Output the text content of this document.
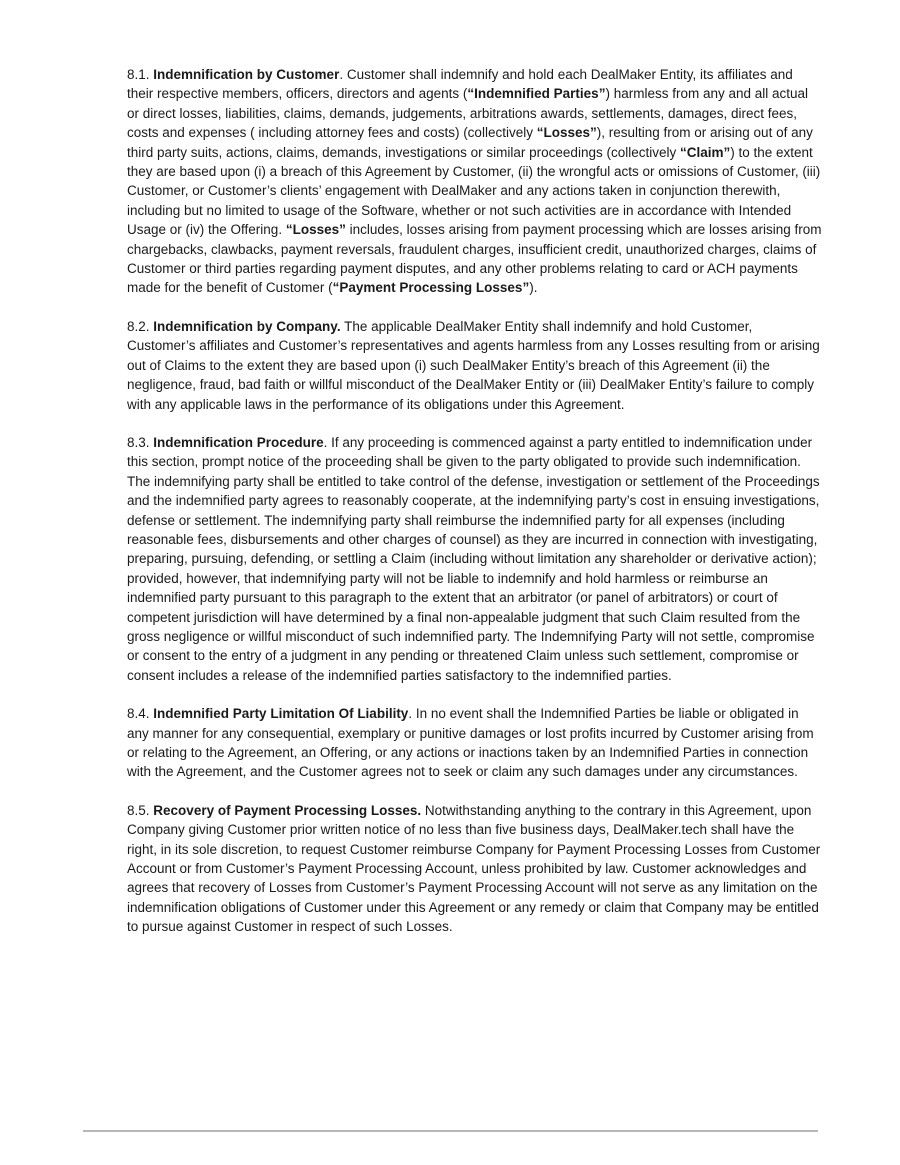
8.1. Indemnification by Customer. Customer shall indemnify and hold each DealMaker Entity, its affiliates and their respective members, officers, directors and agents (“Indemnified Parties”) harmless from any and all actual or direct losses, liabilities, claims, demands, judgements, arbitrations awards, settlements, damages, direct fees, costs and expenses ( including attorney fees and costs) (collectively “Losses”), resulting from or arising out of any third party suits, actions, claims, demands, investigations or similar proceedings (collectively “Claim”) to the extent they are based upon (i) a breach of this Agreement by Customer, (ii) the wrongful acts or omissions of Customer, (iii) Customer, or Customer’s clients’ engagement with DealMaker and any actions taken in conjunction therewith, including but no limited to usage of the Software, whether or not such activities are in accordance with Intended Usage or (iv) the Offering. “Losses” includes, losses arising from payment processing which are losses arising from chargebacks, clawbacks, payment reversals, fraudulent charges, insufficient credit, unauthorized charges, claims of Customer or third parties regarding payment disputes, and any other problems relating to card or ACH payments made for the benefit of Customer (“Payment Processing Losses”).

8.2. Indemnification by Company. The applicable DealMaker Entity shall indemnify and hold Customer, Customer’s affiliates and Customer’s representatives and agents harmless from any Losses resulting from or arising out of Claims to the extent they are based upon (i) such DealMaker Entity’s breach of this Agreement (ii) the negligence, fraud, bad faith or willful misconduct of the DealMaker Entity or (iii) DealMaker Entity’s failure to comply with any applicable laws in the performance of its obligations under this Agreement.

8.3. Indemnification Procedure. If any proceeding is commenced against a party entitled to indemnification under this section, prompt notice of the proceeding shall be given to the party obligated to provide such indemnification. The indemnifying party shall be entitled to take control of the defense, investigation or settlement of the Proceedings and the indemnified party agrees to reasonably cooperate, at the indemnifying party’s cost in ensuing investigations, defense or settlement. The indemnifying party shall reimburse the indemnified party for all expenses (including reasonable fees, disbursements and other charges of counsel) as they are incurred in connection with investigating, preparing, pursuing, defending, or settling a Claim (including without limitation any shareholder or derivative action); provided, however, that indemnifying party will not be liable to indemnify and hold harmless or reimburse an indemnified party pursuant to this paragraph to the extent that an arbitrator (or panel of arbitrators) or court of competent jurisdiction will have determined by a final non-appealable judgment that such Claim resulted from the gross negligence or willful misconduct of such indemnified party. The Indemnifying Party will not settle, compromise or consent to the entry of a judgment in any pending or threatened Claim unless such settlement, compromise or consent includes a release of the indemnified parties satisfactory to the indemnified parties.

8.4. Indemnified Party Limitation Of Liability. In no event shall the Indemnified Parties be liable or obligated in any manner for any consequential, exemplary or punitive damages or lost profits incurred by Customer arising from or relating to the Agreement, an Offering, or any actions or inactions taken by an Indemnified Parties in connection with the Agreement, and the Customer agrees not to seek or claim any such damages under any circumstances.

8.5. Recovery of Payment Processing Losses. Notwithstanding anything to the contrary in this Agreement, upon Company giving Customer prior written notice of no less than five business days, DealMaker.tech shall have the right, in its sole discretion, to request Customer reimburse Company for Payment Processing Losses from Customer Account or from Customer’s Payment Processing Account, unless prohibited by law. Customer acknowledges and agrees that recovery of Losses from Customer’s Payment Processing Account will not serve as any limitation on the indemnification obligations of Customer under this Agreement or any remedy or claim that Company may be entitled to pursue against Customer in respect of such Losses.
